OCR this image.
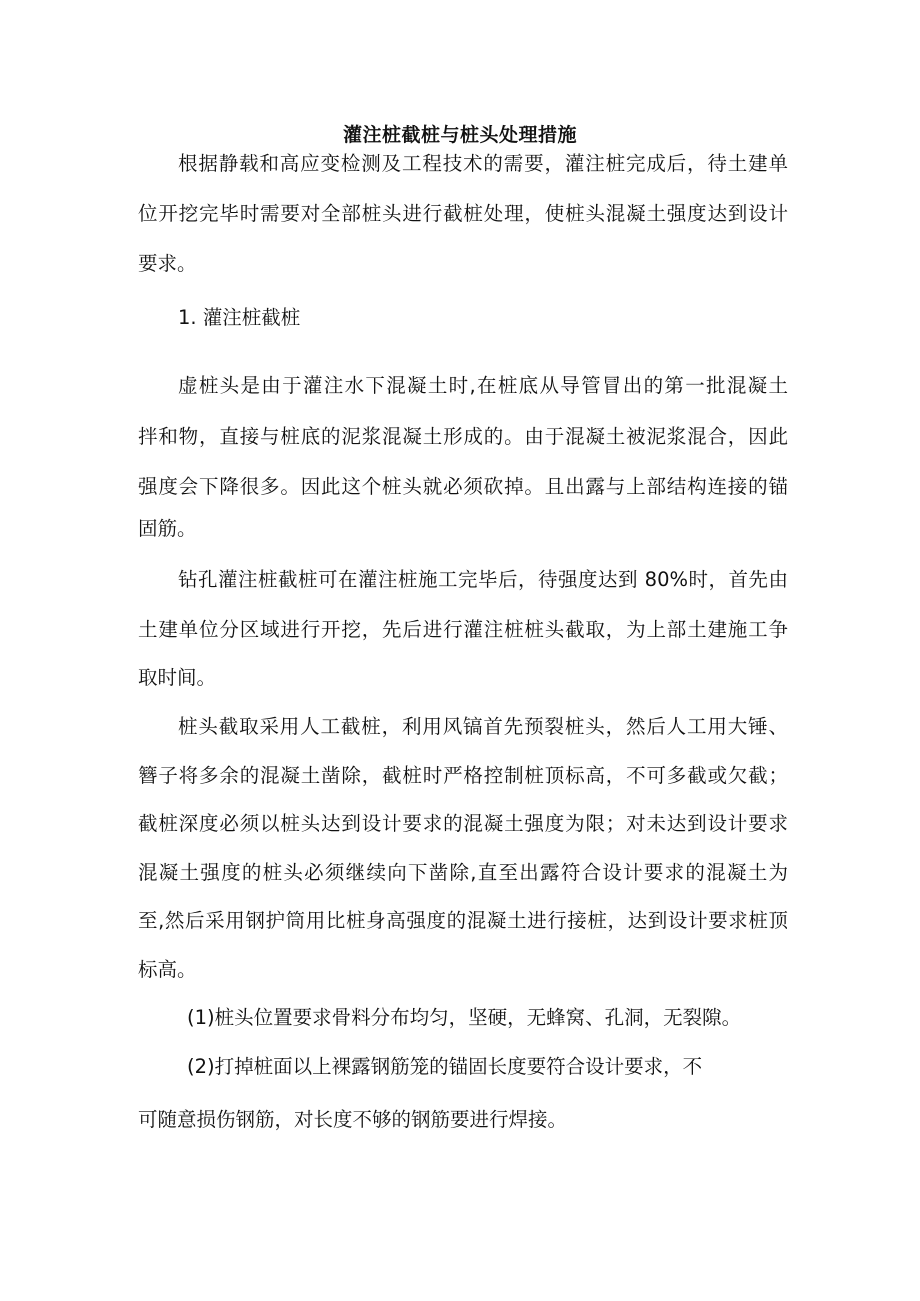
灌注桩截桩与桩头处理措施
根据静载和高应变检测及工程技术的需要，灌注桩完成后，待土建单
位开挖完毕时需要对全部桩头进行截桩处理，使桩头混凝土强度达到设计
要求。
1. 灌注桩截桩
虚桩头是由于灌注水下混凝土时,在桩底从导管冒出的第一批混凝土
拌和物，直接与桩底的泥浆混凝土形成的。由于混凝土被泥浆混合，因此
强度会下降很多。因此这个桩头就必须砍掉。且出露与上部结构连接的锚
固筋。
钻孔灌注桩截桩可在灌注桩施工完毕后，待强度达到 80%时，首先由
土建单位分区域进行开挖，先后进行灌注桩桩头截取，为上部土建施工争
取时间。
桩头截取采用人工截桩，利用风镐首先预裂桩头，然后人工用大锤、
簪子将多余的混凝土凿除，截桩时严格控制桩顶标高，不可多截或欠截；
截桩深度必须以桩头达到设计要求的混凝土强度为限；对未达到设计要求
混凝土强度的桩头必须继续向下凿除,直至出露符合设计要求的混凝土为
至,然后采用钢护筒用比桩身高强度的混凝土进行接桩，达到设计要求桩顶
标高。
(1)桩头位置要求骨料分布均匀，坚硬，无蜂窝、孔洞，无裂隙。
(2)打掉桩面以上裸露钢筋笼的锚固长度要符合设计要求，不
可随意损伤钢筋，对长度不够的钢筋要进行焊接。
